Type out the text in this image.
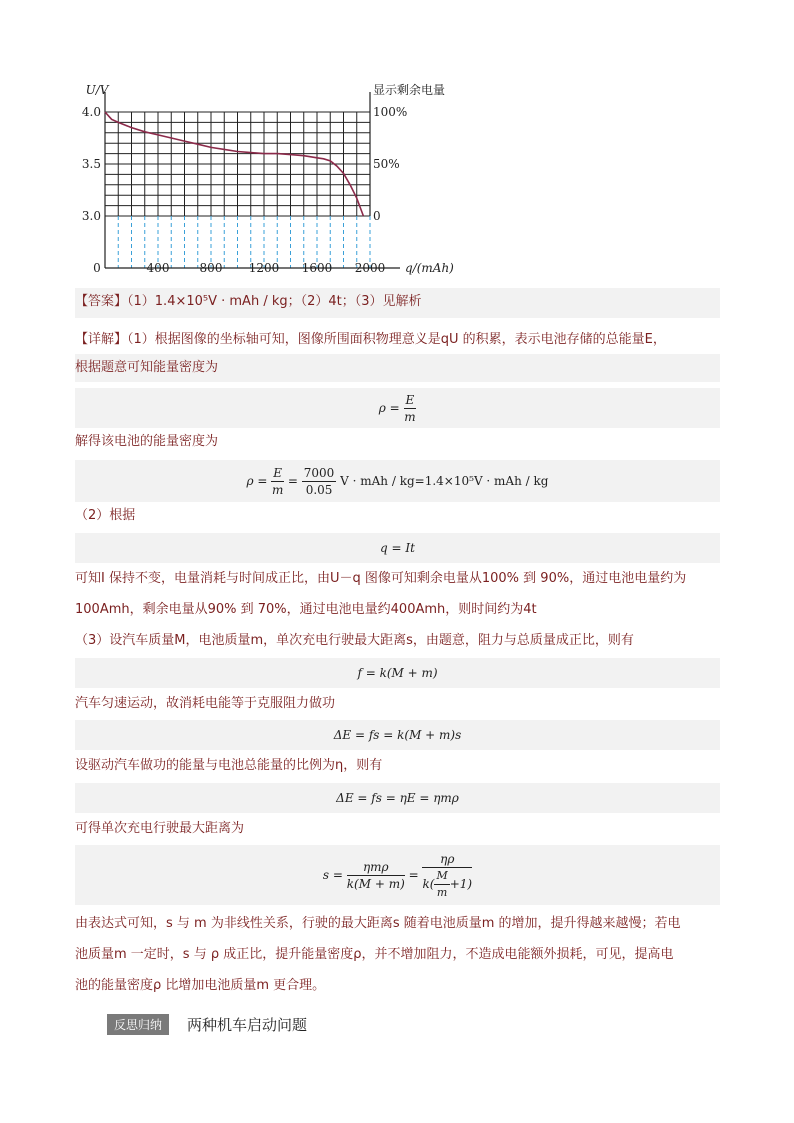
4.0
3.5
3.0
100%
50%
0
0	400	800 1200 1600 2000
U/V	显示剩余电量
q/(mAh)
【答案】（1）1.4×10⁵V · mAh / kg；（2）4t；（3）见解析
【详解】（1）根据图像的坐标轴可知，图像所围面积物理意义是qU 的积累，表示电池存储的总能量E，
根据题意可知能量密度为
$\rho = \frac{E}{m}$
解得该电池的能量密度为
$\rho = \frac{E}{m} = \frac{7000}{0.05}$ V · mAh / kg=1.4×10⁵V · mAh / kg
（2）根据
q = It
可知I 保持不变，电量消耗与时间成正比，由U－q 图像可知剩余电量从100% 到 90%，通过电池电量约为
100Amh，剩余电量从90% 到 70%，通过电池电量约400Amh，则时间约为4t
（3）设汽车质量M，电池质量m，单次充电行驶最大距离s，由题意，阻力与总质量成正比，则有
f = k(M + m)
汽车匀速运动，故消耗电能等于克服阻力做功
ΔE = fs = k(M + m)s
设驱动汽车做功的能量与电池总能量的比例为η，则有
ΔE = fs = ηE = ηmρ
可得单次充电行驶最大距离为
$s = \frac{\text{ηmρ}}{k(M + m)} = \frac{\eta\rho}{k( \frac{M}{m} +1)}$
由表达式可知，s 与 m 为非线性关系，行驶的最大距离s 随着电池质量m 的增加，提升得越来越慢；若电
池质量m 一定时，s 与 ρ 成正比，提升能量密度ρ，并不增加阻力，不造成电能额外损耗，可见，提高电
池的能量密度ρ 比增加电池质量m 更合理。
反思归纳	两种机车启动问题
